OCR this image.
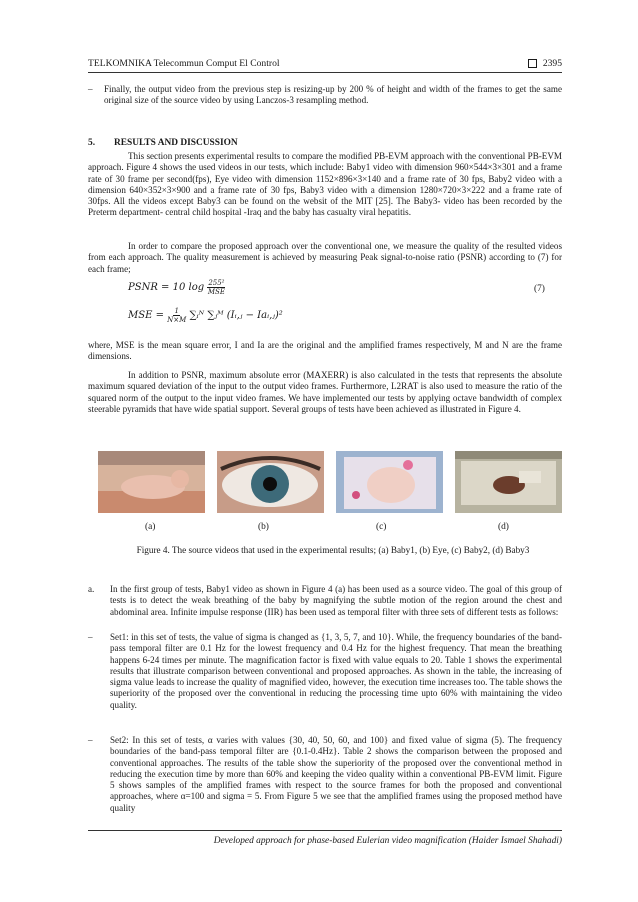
TELKOMNIKA Telecommun Comput El Control	2395
–	Finally, the output video from the previous step is resizing-up by 200 % of height and width of the frames to get the same original size of the source video by using Lanczos-3 resampling method.
5. RESULTS AND DISCUSSION
This section presents experimental results to compare the modified PB-EVM approach with the conventional PB-EVM approach. Figure 4 shows the used videos in our tests, which include: Baby1 video with dimension 960×544×3×301 and a frame rate of 30 frame per second(fps), Eye video with dimension 1152×896×3×140 and a frame rate of 30 fps, Baby2 video with a dimension 640×352×3×900 and a frame rate of 30 fps, Baby3 video with a dimension 1280×720×3×222 and a frame rate of 30fps. All the videos except Baby3 can be found on the websit of the MIT [25]. The Baby3- video has been recorded by the Preterm department- central child hospital -Iraq and the baby has casualty viral hepatitis.
In order to compare the proposed approach over the conventional one, we measure the quality of the resulted videos from each approach. The quality measurement is achieved by measuring Peak signal-to-noise ratio (PSNR) according to (7) for each frame;
PSNR = 10 $\log \frac{\text{255²}}{\text{MSE}}$	(7)
MSE = $\frac{1}{N\times M}$ ∑ᵢᴺ ∑ⱼᴹ (Iᵢ,ⱼ − Iaᵢ,ⱼ)²
where, MSE is the mean square error, I and Ia are the original and the amplified frames respectively, M and N are the frame dimensions.
In addition to PSNR, maximum absolute error (MAXERR) is also calculated in the tests that represents the absolute maximum squared deviation of the input to the output video frames. Furthermore, L2RAT is also used to measure the ratio of the squared norm of the output to the input video frames. We have implemented our tests by applying octave bandwidth of complex steerable pyramids that have wide spatial support. Several groups of tests have been achieved as illustrated in Figure 4.
(a)	(b)	(c)	(d)
Figure 4. The source videos that used in the experimental results; (a) Baby1, (b) Eye, (c) Baby2, (d) Baby3
a.	In the first group of tests, Baby1 video as shown in Figure 4 (a) has been used as a source video. The goal of this group of tests is to detect the weak breathing of the baby by magnifying the subtle motion of the region around the chest and abdominal area. Infinite impulse response (IIR) has been used as temporal filter with three sets of different tests as follows:
–	Set1: in this set of tests, the value of sigma is changed as {1, 3, 5, 7, and 10}. While, the frequency boundaries of the band-pass temporal filter are 0.1 Hz for the lowest frequency and 0.4 Hz for the highest frequency. That mean the breathing happens 6-24 times per minute. The magnification factor is fixed with value equals to 20. Table 1 shows the experimental results that illustrate comparison between conventional and proposed approaches. As shown in the table, the increasing of sigma value leads to increase the quality of magnified video, however, the execution time increases too. The table shows the superiority of the proposed over the conventional in reducing the processing time upto 60% with maintaining the video quality.
–	Set2: In this set of tests, α varies with values {30, 40, 50, 60, and 100} and fixed value of sigma (5). The frequency boundaries of the band-pass temporal filter are {0.1-0.4Hz}. Table 2 shows the comparison between the proposed and conventional approaches. The results of the table show the superiority of the proposed over the conventional method in reducing the execution time by more than 60% and keeping the video quality within a conventional PB-EVM limit. Figure 5 shows samples of the amplified frames with respect to the source frames for both the proposed and conventional approaches, where α=100 and sigma = 5. From Figure 5 we see that the amplified frames using the proposed method have quality
Developed approach for phase-based Eulerian video magnification (Haider Ismael Shahadi)
